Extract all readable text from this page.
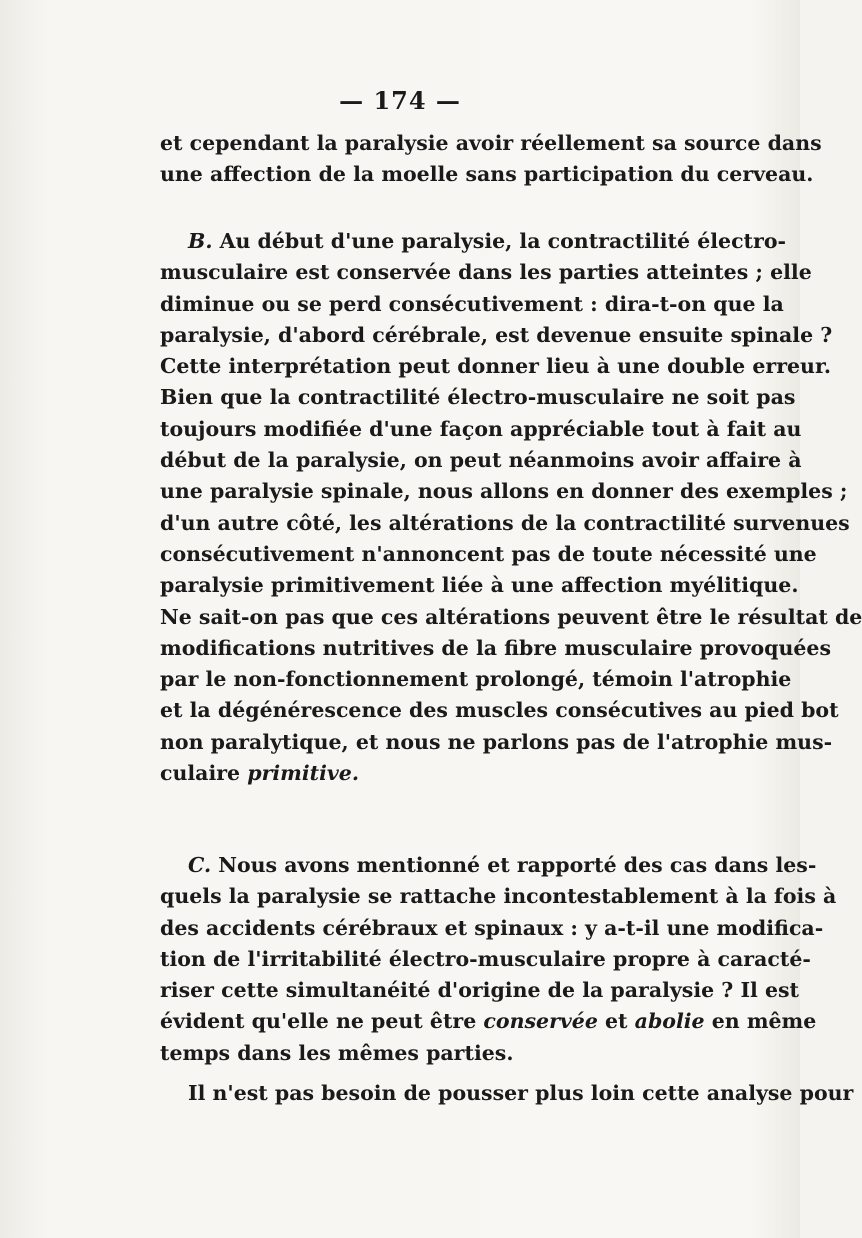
— 174 —
et cependant la paralysie avoir réellement sa source dans
une affection de la moelle sans participation du cerveau.
B. Au début d'une paralysie, la contractilité électro-
musculaire est conservée dans les parties atteintes ; elle
diminue ou se perd consécutivement : dira-t-on que la
paralysie, d'abord cérébrale, est devenue ensuite spinale ?
Cette interprétation peut donner lieu à une double erreur.
Bien que la contractilité électro-musculaire ne soit pas
toujours modifiée d'une façon appréciable tout à fait au
début de la paralysie, on peut néanmoins avoir affaire à
une paralysie spinale, nous allons en donner des exemples ;
d'un autre côté, les altérations de la contractilité survenues
consécutivement n'annoncent pas de toute nécessité une
paralysie primitivement liée à une affection myélitique.
Ne sait-on pas que ces altérations peuvent être le résultat de
modifications nutritives de la fibre musculaire provoquées
par le non-fonctionnement prolongé, témoin l'atrophie
et la dégénérescence des muscles consécutives au pied bot
non paralytique, et nous ne parlons pas de l'atrophie mus-
culaire primitive.
C. Nous avons mentionné et rapporté des cas dans les-
quels la paralysie se rattache incontestablement à la fois à
des accidents cérébraux et spinaux : y a-t-il une modifica-
tion de l'irritabilité électro-musculaire propre à caracté-
riser cette simultanéité d'origine de la paralysie ? Il est
évident qu'elle ne peut être conservée et abolie en même
temps dans les mêmes parties.
Il n'est pas besoin de pousser plus loin cette analyse pour
